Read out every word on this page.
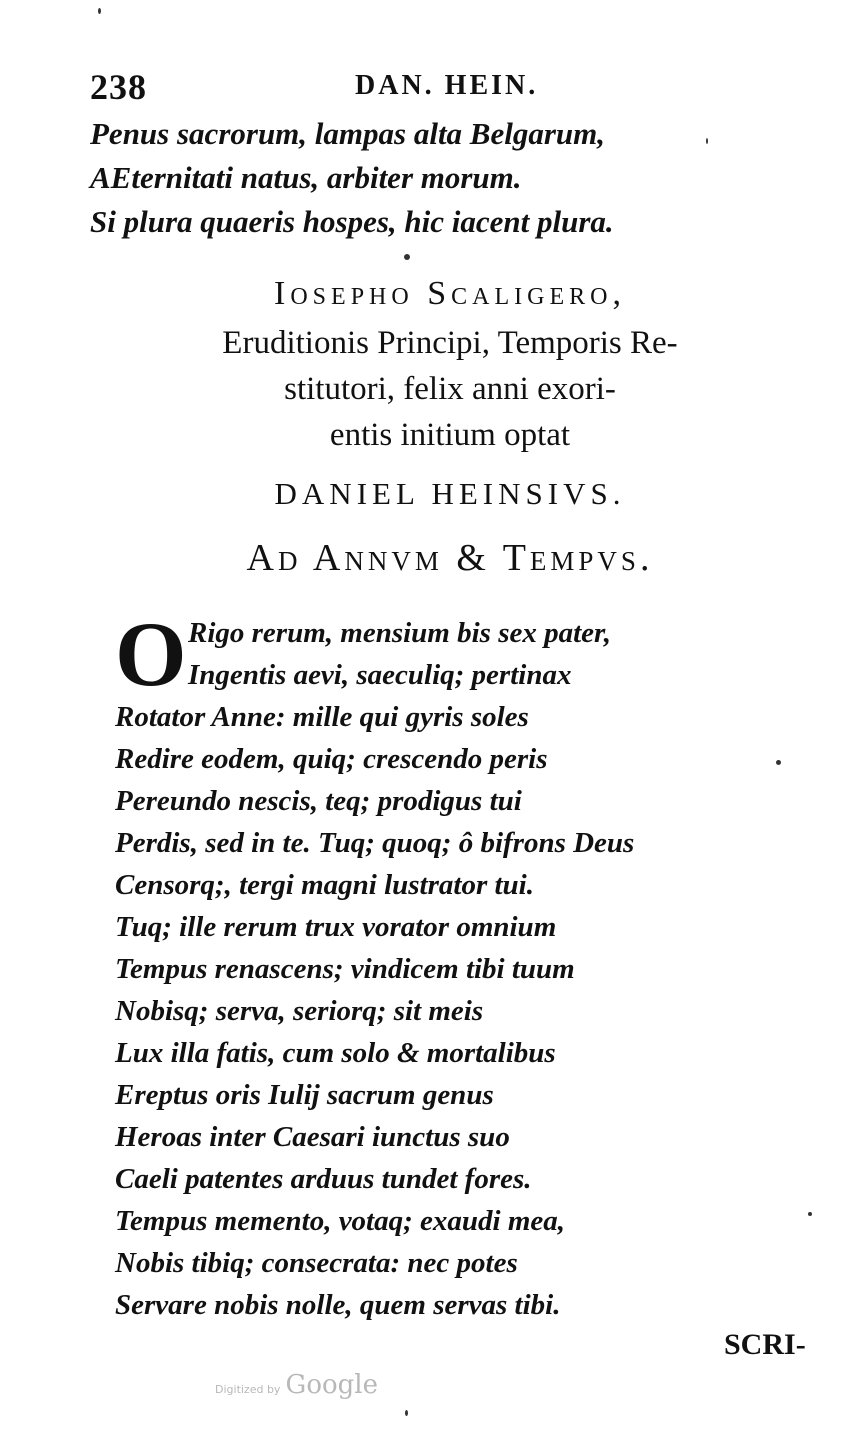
238	DAN. HEIN.
Penus sacrorum, lampas alta Belgarum,
AEternitati natus, arbiter morum.
Si plura quaeris hospes, hic iacent plura.
Iosepho Scaligero,
Eruditionis Principi, Temporis Re-
stitutori, felix anni exori-
entis initium optat
DANIEL HEINSIVS.
Ad Annvm & Tempvs.
O Rigo rerum, mensium bis sex pater,
Ingentis aevi, saeculiq; pertinax
Rotator Anne: mille qui gyris soles
Redire eodem, quiq; crescendo peris
Pereundo nescis, teq; prodigus tui
Perdis, sed in te. Tuq; quoq; ô bifrons Deus
Censorq;, tergi magni lustrator tui.
Tuq; ille rerum trux vorator omnium
Tempus renascens; vindicem tibi tuum
Nobisq; serva, seriorq; sit meis
Lux illa fatis, cum solo & mortalibus
Ereptus oris Iulij sacrum genus
Heroas inter Caesari iunctus suo
Caeli patentes arduus tundet fores.
Tempus memento, votaq; exaudi mea,
Nobis tibiq; consecrata: nec potes
Servare nobis nolle, quem servas tibi.
SCRI-
Digitized by Google
